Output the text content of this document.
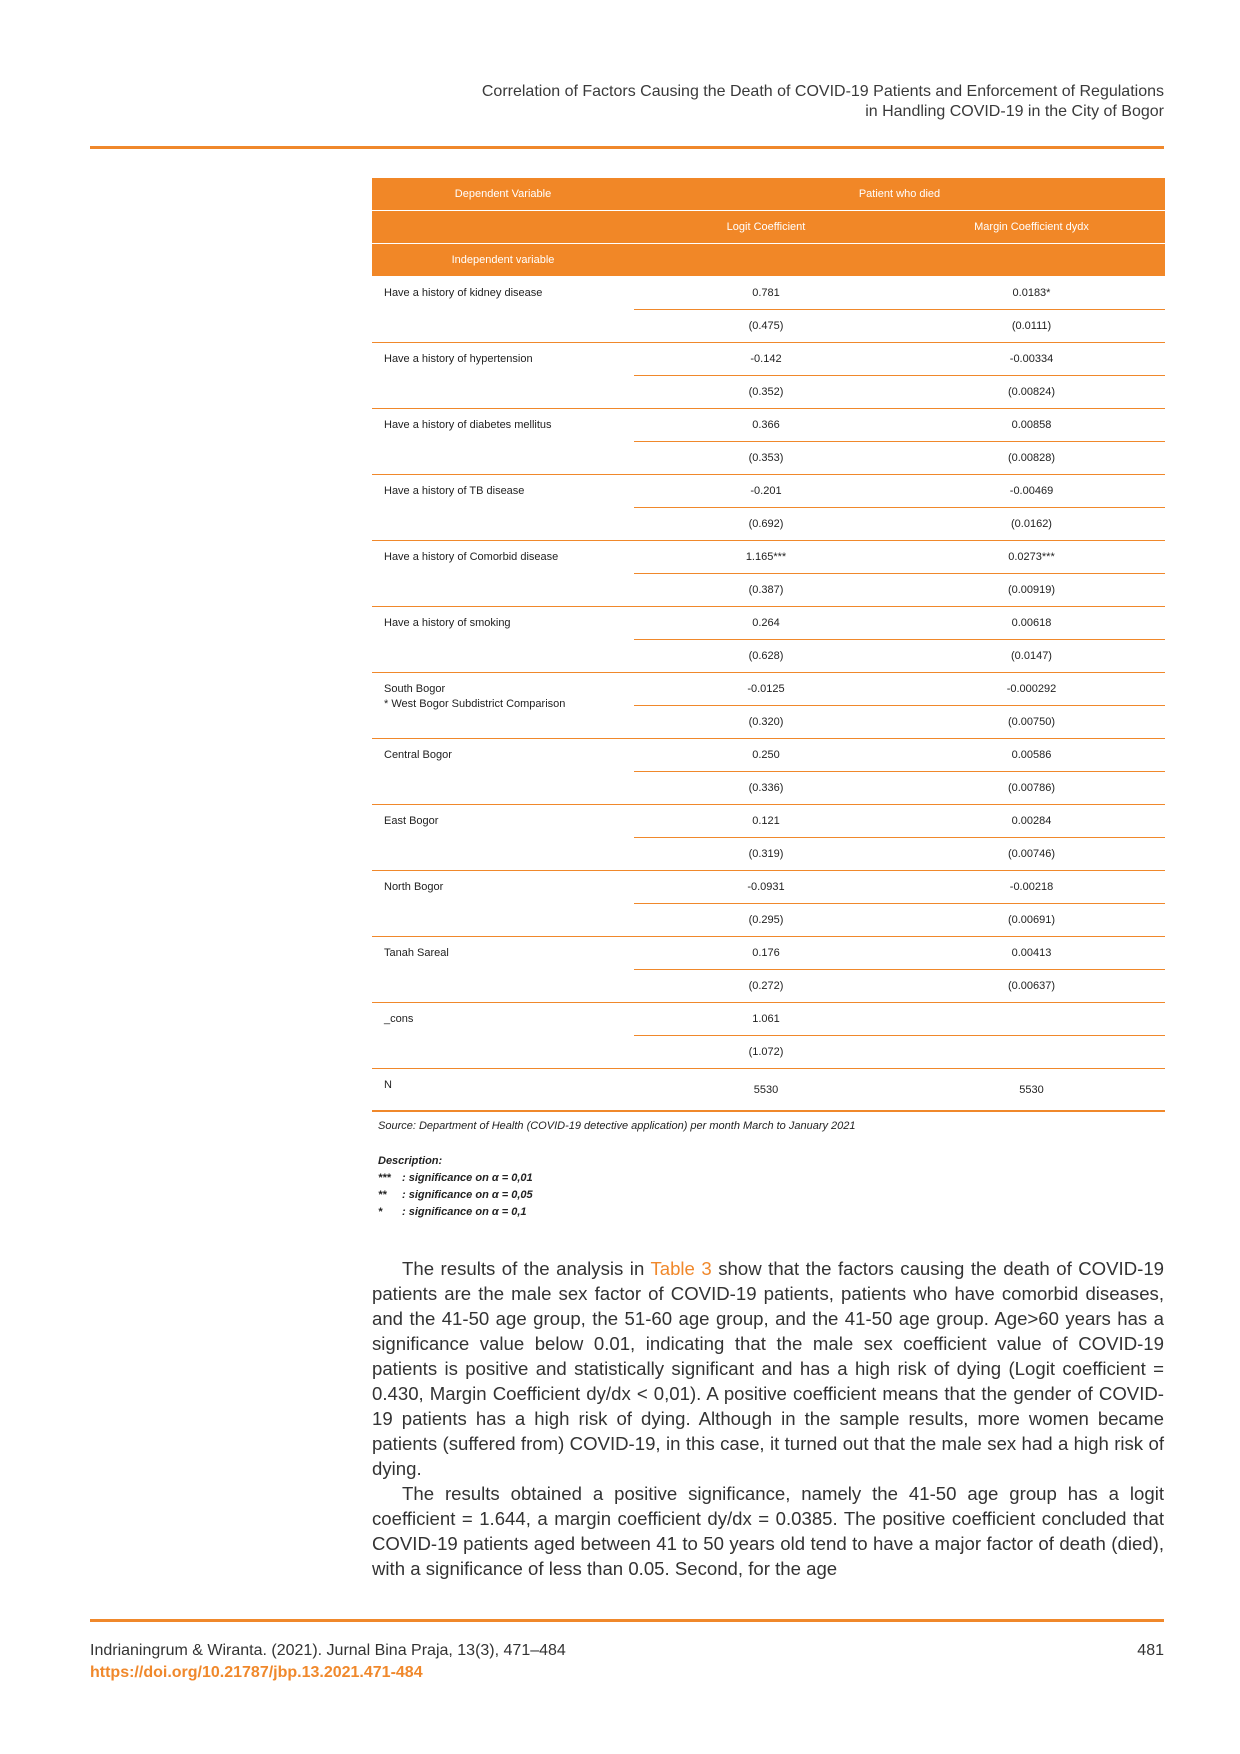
Correlation of Factors Causing the Death of COVID-19 Patients and Enforcement of Regulations
in Handling COVID-19 in the City of Bogor
Dependent Variable	Patient who died	
	Logit Coefficient	Margin Coefficient dydx
Independent variable		
Have a history of kidney disease	0.781	0.0183*
	(0.475)	(0.0111)
Have a history of hypertension	-0.142	-0.00334
	(0.352)	(0.00824)
Have a history of diabetes mellitus	0.366	0.00858
	(0.353)	(0.00828)
Have a history of TB disease	-0.201	-0.00469
	(0.692)	(0.0162)
Have a history of Comorbid disease	1.165***	0.0273***
	(0.387)	(0.00919)
Have a history of smoking	0.264	0.00618
	(0.628)	(0.0147)
South Bogor
* West Bogor Subdistrict Comparison	-0.0125	-0.000292
	(0.320)	(0.00750)
Central Bogor	0.250	0.00586
	(0.336)	(0.00786)
East Bogor	0.121	0.00284
	(0.319)	(0.00746)
North Bogor	-0.0931	-0.00218
	(0.295)	(0.00691)
Tanah Sareal	0.176	0.00413
	(0.272)	(0.00637)
_cons	1.061	
	(1.072)	
N	5530	5530
Source: Department of Health (COVID-19 detective application) per month March to January 2021
Description:
*** : significance on α = 0,01
** : significance on α = 0,05
* : significance on α = 0,1

The results of the analysis in Table 3 show that the factors causing the death of COVID-19 patients are the male sex factor of COVID-19 patients, patients who have comorbid diseases, and the 41-50 age group, the 51-60 age group, and the 41-50 age group. Age>60 years has a significance value below 0.01, indicating that the male sex coefficient value of COVID-19 patients is positive and statistically significant and has a high risk of dying (Logit coefficient = 0.430, Margin Coefficient dy/dx < 0,01). A positive coefficient means that the gender of COVID-19 patients has a high risk of dying. Although in the sample results, more women became patients (suffered from) COVID-19, in this case, it turned out that the male sex had a high risk of dying.

The results obtained a positive significance, namely the 41-50 age group has a logit coefficient = 1.644, a margin coefficient dy/dx = 0.0385. The positive coefficient concluded that COVID-19 patients aged between 41 to 50 years old tend to have a major factor of death (died), with a significance of less than 0.05. Second, for the age

Indrianingrum & Wiranta. (2021). Jurnal Bina Praja, 13(3), 471–484
https://doi.org/10.21787/jbp.13.2021.471-484
481
